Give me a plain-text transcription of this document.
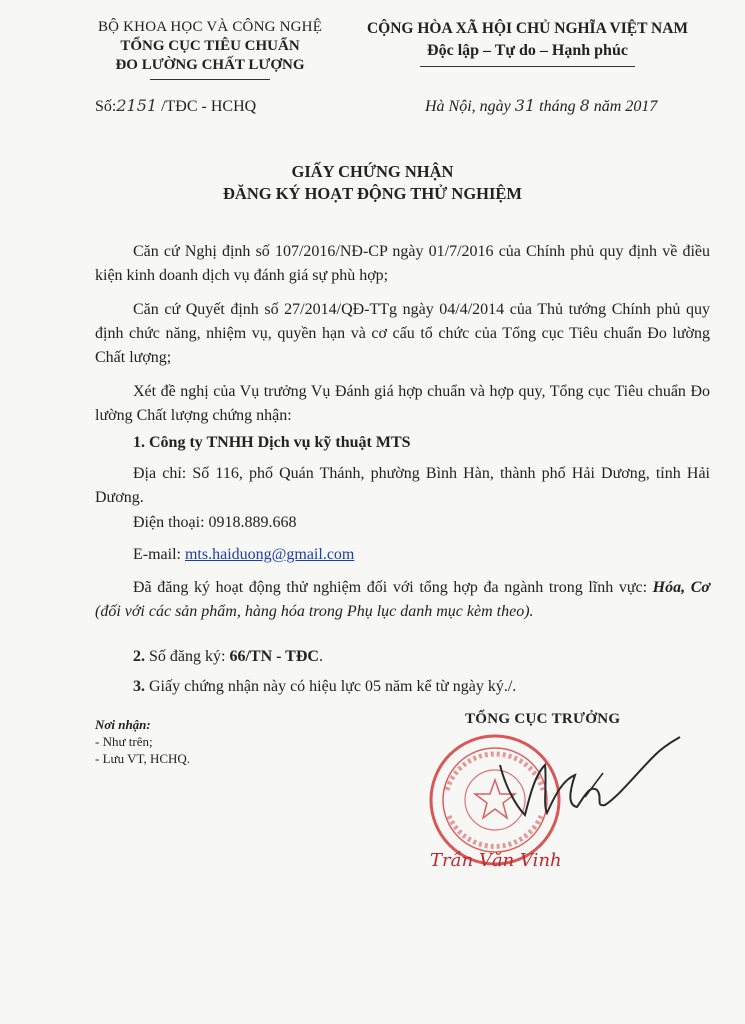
BỘ KHOA HỌC VÀ CÔNG NGHỆ
TỔNG CỤC TIÊU CHUẨN
ĐO LƯỜNG CHẤT LƯỢNG
CỘNG HÒA XÃ HỘI CHỦ NGHĨA VIỆT NAM
Độc lập – Tự do – Hạnh phúc
Số:2151 /TĐC - HCHQ	Hà Nội, ngày 31 tháng 8 năm 2017
GIẤY CHỨNG NHẬN
ĐĂNG KÝ HOẠT ĐỘNG THỬ NGHIỆM
Căn cứ Nghị định số 107/2016/NĐ-CP ngày 01/7/2016 của Chính phủ quy định về điều kiện kinh doanh dịch vụ đánh giá sự phù hợp;
Căn cứ Quyết định số 27/2014/QĐ-TTg ngày 04/4/2014 của Thủ tướng Chính phủ quy định chức năng, nhiệm vụ, quyền hạn và cơ cấu tổ chức của Tổng cục Tiêu chuẩn Đo lường Chất lượng;
Xét đề nghị của Vụ trưởng Vụ Đánh giá hợp chuẩn và hợp quy, Tổng cục Tiêu chuẩn Đo lường Chất lượng chứng nhận:
1. Công ty TNHH Dịch vụ kỹ thuật MTS
Địa chỉ: Số 116, phố Quán Thánh, phường Bình Hàn, thành phố Hải Dương, tỉnh Hải Dương.
Điện thoại: 0918.889.668
E-mail: mts.haiduong@gmail.com
Đã đăng ký hoạt động thử nghiệm đối với tổng hợp đa ngành trong lĩnh vực: Hóa, Cơ (đối với các sản phẩm, hàng hóa trong Phụ lục danh mục kèm theo).
2. Số đăng ký: 66/TN - TĐC.
3. Giấy chứng nhận này có hiệu lực 05 năm kể từ ngày ký./.
Nơi nhận:
- Như trên;
- Lưu VT, HCHQ.
TỔNG CỤC TRƯỞNG
Trần Văn Vinh
